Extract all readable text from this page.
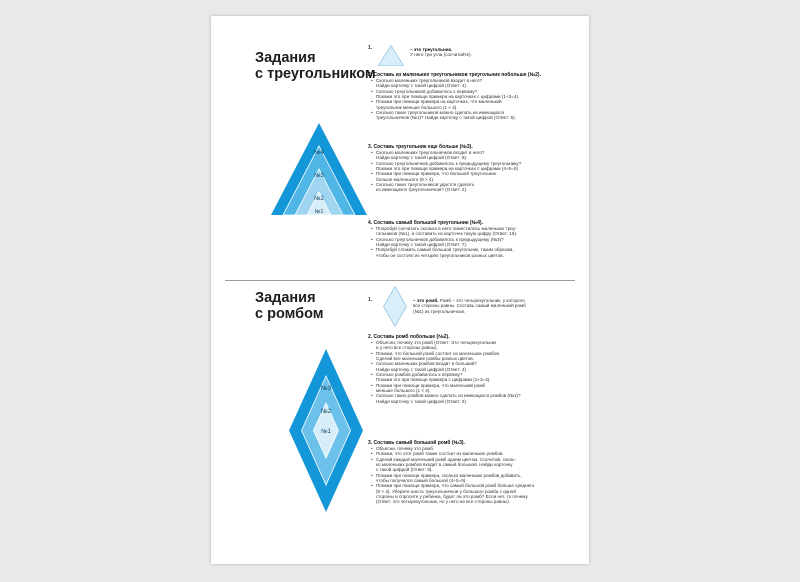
Задания
с треугольником
№4
№3
№2
№1
1.	– это треугольник.
У него три угла (сосчитайте).
2. Составь из маленьких треугольников треугольник побольше (№2).
• Сколько маленьких треугольников входит в него?
Найди карточку с такой цифрой (Ответ: 4).
• Сколько треугольников добавилось к первому?
Покажи это при помощи примера на карточках с цифрами (1+3=4).
• Покажи при помощи примера на карточках, что маленький
треугольник меньше большого (1 < 4).
• Сколько таких треугольников можно сделать из имеющихся
треугольничков (№1)? Найди карточку с такой цифрой (Ответ: 5).
3. Составь треугольник еще больше (№3).
• Сколько маленьких треугольничков входит в него?
Найди карточку с такой цифрой (Ответ: 9).
• Сколько треугольничков добавилось к предыдущему треугольнику?
Покажи это при помощи примера на карточках с цифрами (4+5=9).
• Покажи при помощи примера, что большой треугольник
больше маленького (9 > 4).
• Сколько таких треугольников удастся сделать
из имеющихся треугольничков? (Ответ: 2).
4. Составь самый большой треугольник (№4).
• Попробуй сосчитать сколько в него поместилось маленьких треу-
гольников (№1), и составить из карточек такую цифру (Ответ: 16).
• Сколько треугольничков добавилось к предыдущему (№3)?
Найди карточку с такой цифрой (Ответ: 7).
• Попробуй сложить самый большой треугольник, таким образом,
чтобы он состоял из четырех треугольников разных цветов.
Задания
с ромбом
№3
№2
№1
1.	– это ромб. Ромб – это четырехугольник, у которого
все стороны равны. Составь самый маленький ромб
(№1) из треугольничков.
2. Составь ромб побольше (№2).
• Объясни, почему это ромб (Ответ: Это четырехугольник
и у него все стороны равны).
• Покажи, что большой ромб состоит из маленьких ромбов.
Сделай все маленькие ромбы разных цветов.
• Сколько маленьких ромбов входит в больший?
Найди карточку с такой цифрой (Ответ: 4).
• Сколько ромбов добавилось к первому?
Покажи это при помощи примера с цифрами (1+3=4).
• Покажи при помощи примера, что маленький ромб
меньше большого (1 < 4).
• Сколько таких ромбов можно сделать из имеющихся ромбов (№1)?
Найди карточку с такой цифрой (Ответ: 2).
3. Составь самый большой ромб (№3).
• Объясни, почему это ромб.
• Покажи, что этот ромб также состоит из маленьких ромбов.
• Сделай каждый маленький ромб одним цветом. Сосчитай, сколь-
ко маленьких ромбов входит в самый большой. Найди карточку
с такой цифрой (Ответ: 9).
• Покажи при помощи примера, сколько маленьких ромбов добавить,
чтобы получился самый большой (4+5=9).
• Покажи при помощи примера, что самый большой ромб больше среднего
(9 > 4). Уберите шесть треугольничков у большого ромба с одной
стороны и спросите у ребенка, будет ли это ромб? Если нет, то почему
(Ответ: это четырехугольник, но у него не все стороны равны).
